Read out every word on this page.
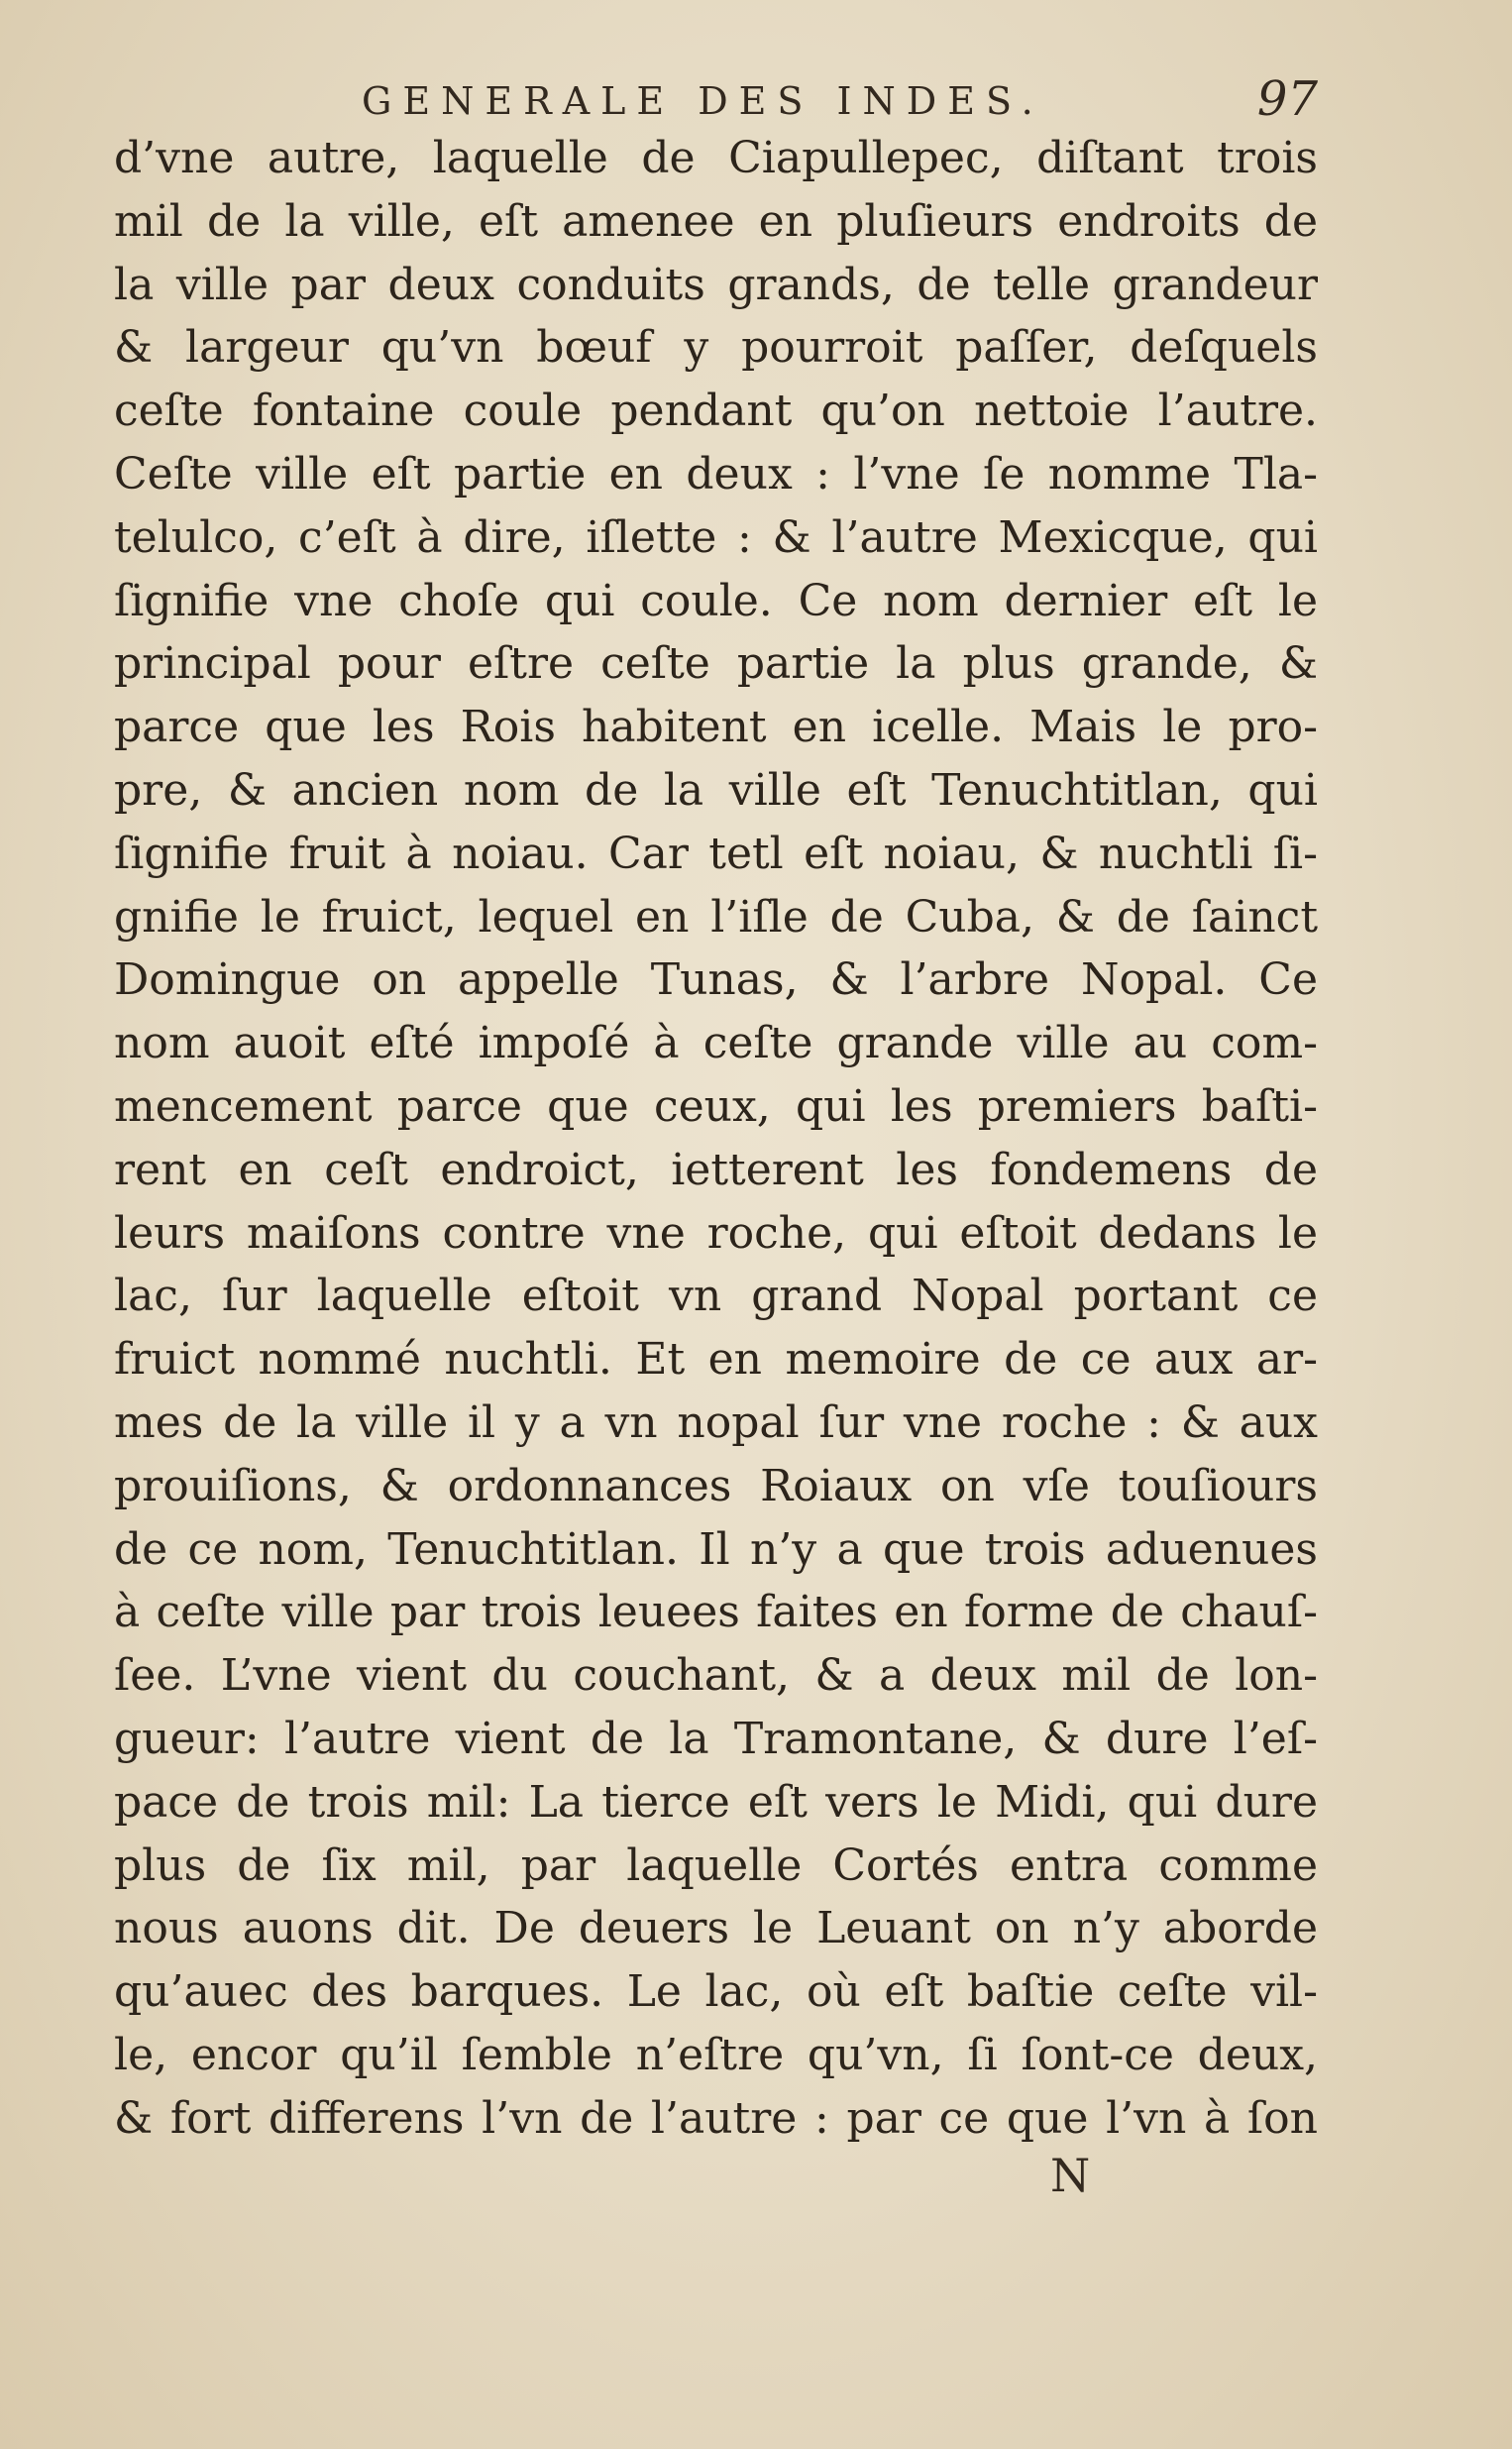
GENERALE DES INDES.	97
d’vne autre, laquelle de Ciapullepec, diſtant trois
mil de la ville, eſt amenee en pluſieurs endroits de
la ville par deux conduits grands, de telle grandeur
& largeur qu’vn bœuf y pourroit paſſer, deſquels
ceſte fontaine coule pendant qu’on nettoie l’autre.
Ceſte ville eſt partie en deux : l’vne ſe nomme Tla-
telulco, c’eſt à dire, iſlette : & l’autre Mexicque, qui
ſignifie vne choſe qui coule. Ce nom dernier eſt le
principal pour eſtre ceſte partie la plus grande, &
parce que les Rois habitent en icelle. Mais le pro-
pre, & ancien nom de la ville eſt Tenuchtitlan, qui
ſignifie fruit à noiau. Car tetl eſt noiau, & nuchtli ſi-
gnifie le fruict, lequel en l’iſle de Cuba, & de ſainct
Domingue on appelle Tunas, & l’arbre Nopal. Ce
nom auoit eſté impoſé à ceſte grande ville au com-
mencement parce que ceux, qui les premiers baſti-
rent en ceſt endroict, ietterent les fondemens de
leurs maiſons contre vne roche, qui eſtoit dedans le
lac, ſur laquelle eſtoit vn grand Nopal portant ce
fruict nommé nuchtli. Et en memoire de ce aux ar-
mes de la ville il y a vn nopal ſur vne roche : & aux
prouiſions, & ordonnances Roiaux on vſe touſiours
de ce nom, Tenuchtitlan. Il n’y a que trois aduenues
à ceſte ville par trois leuees faites en forme de chauſ-
ſee. L’vne vient du couchant, & a deux mil de lon-
gueur: l’autre vient de la Tramontane, & dure l’eſ-
pace de trois mil: La tierce eſt vers le Midi, qui dure
plus de ſix mil, par laquelle Cortés entra comme
nous auons dit. De deuers le Leuant on n’y aborde
qu’auec des barques. Le lac, où eſt baſtie ceſte vil-
le, encor qu’il ſemble n’eſtre qu’vn, ſi ſont-ce deux,
& fort differens l’vn de l’autre : par ce que l’vn à ſon
N
